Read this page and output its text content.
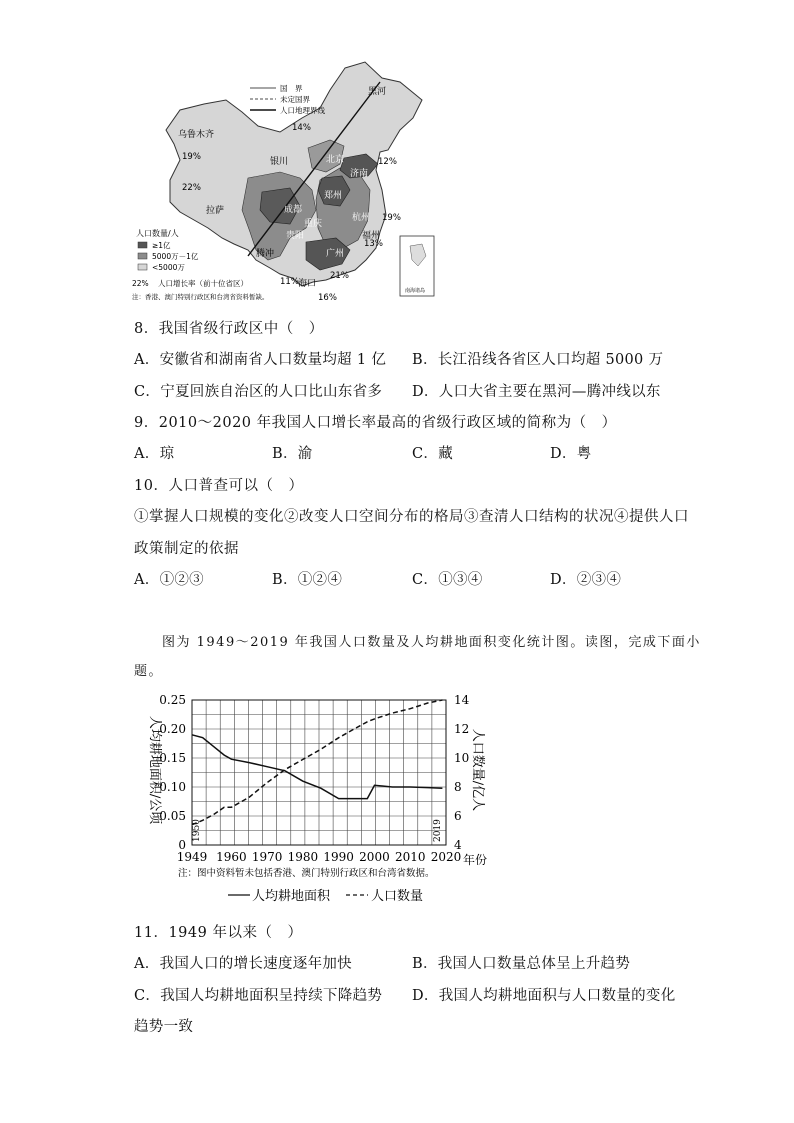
国　界
未定国界
人口地理界线
南海诸岛
黑河
乌鲁木齐
银川	北京
济南
郑州
拉萨	成都
重庆
贵阳
杭州
福州
广州
腾冲
海口
14%
12%
19%
22%
19%
13%
21%
11%
16%
人口数量/人
≥1亿
5000万－1亿
<5000万
22% 人口增长率（前十位省区）
注：香港、澳门特别行政区和台湾省资料暂缺。
8．我国省级行政区中（　）
A．安徽省和湖南省人口数量均超 1 亿 B．长江沿线各省区人口均超 5000 万
C．宁夏回族自治区的人口比山东省多 D．人口大省主要在黑河—腾冲线以东
9．2010～2020 年我国人口增长率最高的省级行政区域的简称为（　）
A．琼	B．渝	C．藏	D．粤
10．人口普查可以（　）
①掌握人口规模的变化②改变人口空间分布的格局③查清人口结构的状况④提供人口
政策制定的依据
A．①②③	B．①②④	C．①③④	D．②③④
图为 1949～2019 年我国人口数量及人均耕地面积变化统计图。读图，完成下面小
题。
0
0.05
0.10
0.15
0.20
0.25
4
6
8
10
12
14
1949 1960 1970 1980 1990 2000 2010 2020
1950	2019
人均耕地面积/公顷	人口数量/亿人
年份
注：图中资料暂未包括香港、澳门特别行政区和台湾省数据。
人均耕地面积	人口数量
11．1949 年以来（　）
A．我国人口的增长速度逐年加快	B．我国人口数量总体呈上升趋势
C．我国人均耕地面积呈持续下降趋势 D．我国人均耕地面积与人口数量的变化
趋势一致
